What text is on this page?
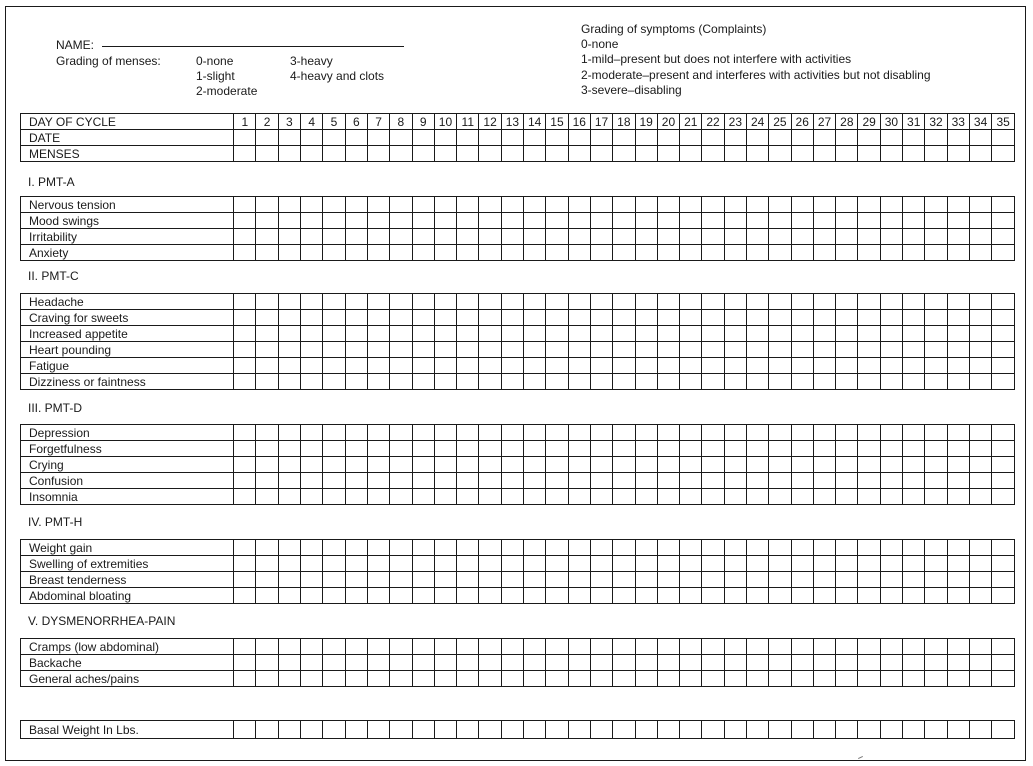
NAME:
Grading of menses:	0-none
1-slight
2-moderate
3-heavy
4-heavy and clots
Grading of symptoms (Complaints)
0-none
1-mild–present but does not interfere with activities
2-moderate–present and interferes with activities but not disabling
3-severe–disabling
DAY OF CYCLE	1	2	3	4	5	6	7	8	9	10	11	12	13	14	15	16	17	18	19	20	21	22	23	24	25	26	27	28	29	30	31	32	33	34	35
DATE																																			
MENSES																																			
I. PMT-A
Nervous tension																																			
Mood swings																																			
Irritability																																			
Anxiety																																			
II. PMT-C
Headache																																			
Craving for sweets																																			
Increased appetite																																			
Heart pounding																																			
Fatigue																																			
Dizziness or faintness																																			
III. PMT-D
Depression																																			
Forgetfulness																																			
Crying																																			
Confusion																																			
Insomnia																																			
IV. PMT-H
Weight gain																																			
Swelling of extremities																																			
Breast tenderness																																			
Abdominal bloating																																			
V. DYSMENORRHEA-PAIN
Cramps (low abdominal)																																			
Backache																																			
General aches/pains																																			
Basal Weight In Lbs.																																			
